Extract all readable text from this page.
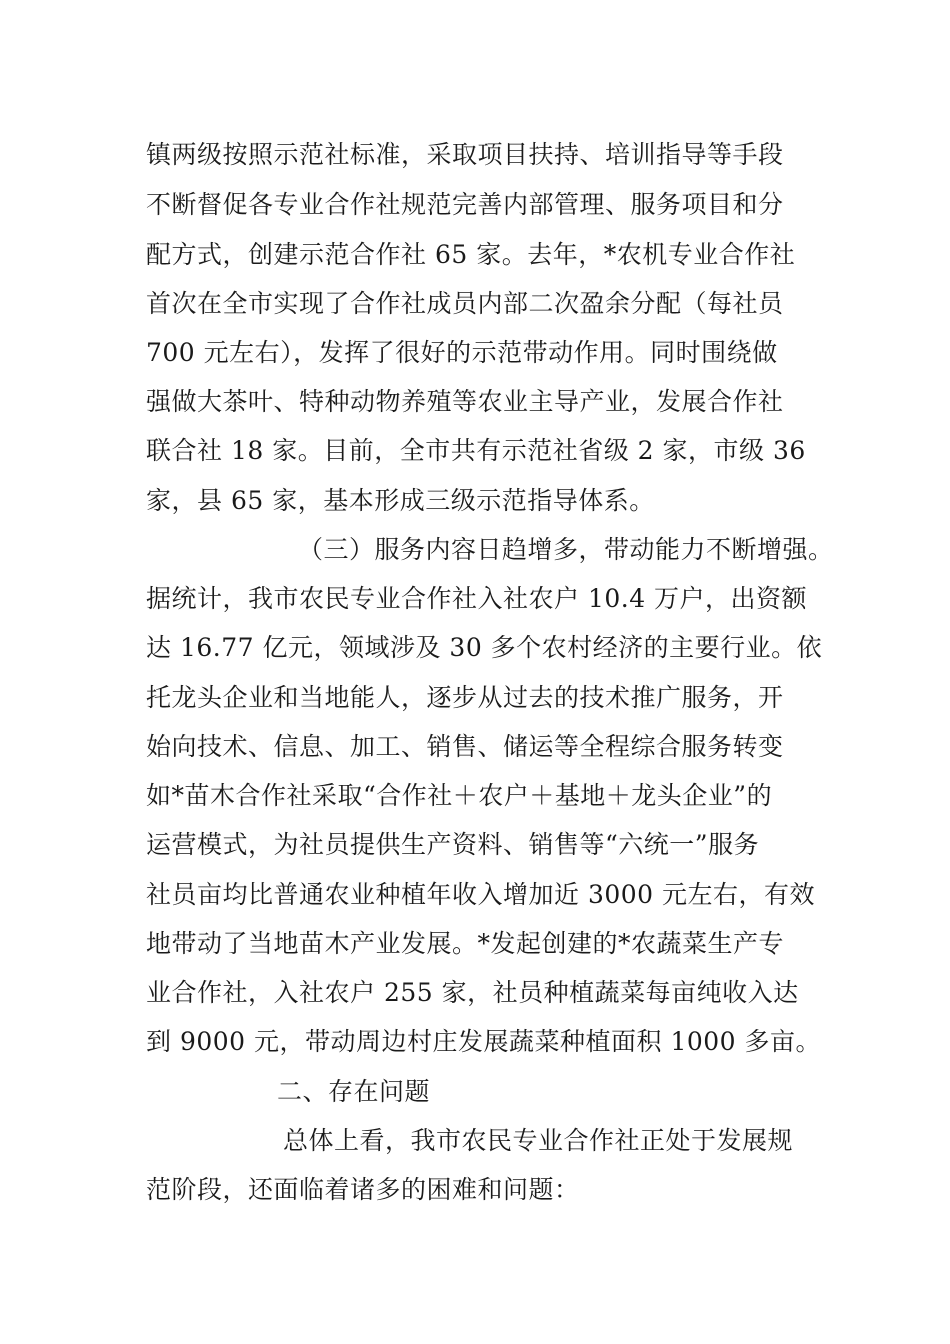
镇两级按照示范社标准，采取项目扶持、培训指导等手段
不断督促各专业合作社规范完善内部管理、服务项目和分
配方式，创建示范合作社 65 家。去年，*农机专业合作社
首次在全市实现了合作社成员内部二次盈余分配（每社员
700 元左右），发挥了很好的示范带动作用。同时围绕做
强做大茶叶、特种动物养殖等农业主导产业，发展合作社
联合社 18 家。目前，全市共有示范社省级 2 家，市级 36
家，县 65 家，基本形成三级示范指导体系。
（三）服务内容日趋增多，带动能力不断增强。
据统计，我市农民专业合作社入社农户 10.4 万户，出资额
达 16.77 亿元，领域涉及 30 多个农村经济的主要行业。依
托龙头企业和当地能人，逐步从过去的技术推广服务，开
始向技术、信息、加工、销售、储运等全程综合服务转变
如*苗木合作社采取“合作社＋农户＋基地＋龙头企业”的
运营模式，为社员提供生产资料、销售等“六统一”服务
社员亩均比普通农业种植年收入增加近 3000 元左右，有效
地带动了当地苗木产业发展。*发起创建的*农蔬菜生产专
业合作社，入社农户 255 家，社员种植蔬菜每亩纯收入达
到 9000 元，带动周边村庄发展蔬菜种植面积 1000 多亩。
二、存在问题
总体上看，我市农民专业合作社正处于发展规
范阶段，还面临着诸多的困难和问题：
